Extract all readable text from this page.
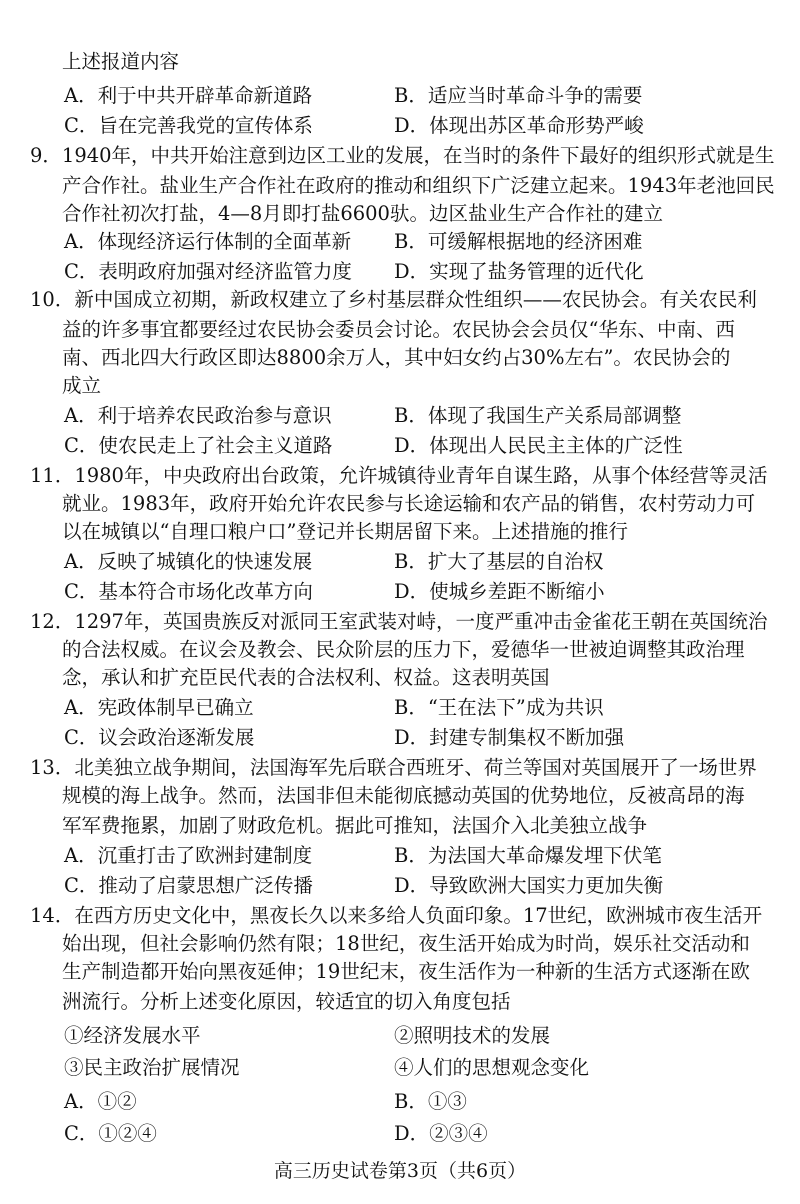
上述报道内容
A．利于中共开辟革命新道路	B．适应当时革命斗争的需要
C．旨在完善我党的宣传体系	D．体现出苏区革命形势严峻
9．1940年，中共开始注意到边区工业的发展，在当时的条件下最好的组织形式就是生
产合作社。盐业生产合作社在政府的推动和组织下广泛建立起来。1943年老池回民
合作社初次打盐，4—8月即打盐6600驮。边区盐业生产合作社的建立
A．体现经济运行体制的全面革新 B．可缓解根据地的经济困难
C．表明政府加强对经济监管力度 D．实现了盐务管理的近代化
10．新中国成立初期，新政权建立了乡村基层群众性组织——农民协会。有关农民利
益的许多事宜都要经过农民协会委员会讨论。农民协会会员仅“华东、中南、西
南、西北四大行政区即达8800余万人，其中妇女约占30%左右”。农民协会的
成立
A．利于培养农民政治参与意识	B．体现了我国生产关系局部调整
C．使农民走上了社会主义道路	D．体现出人民民主主体的广泛性
11．1980年，中央政府出台政策，允许城镇待业青年自谋生路，从事个体经营等灵活
就业。1983年，政府开始允许农民参与长途运输和农产品的销售，农村劳动力可
以在城镇以“自理口粮户口”登记并长期居留下来。上述措施的推行
A．反映了城镇化的快速发展	B．扩大了基层的自治权
C．基本符合市场化改革方向	D．使城乡差距不断缩小
12．1297年，英国贵族反对派同王室武装对峙，一度严重冲击金雀花王朝在英国统治
的合法权威。在议会及教会、民众阶层的压力下，爱德华一世被迫调整其政治理
念，承认和扩充臣民代表的合法权利、权益。这表明英国
A．宪政体制早已确立	B．“王在法下”成为共识
C．议会政治逐渐发展	D．封建专制集权不断加强
13．北美独立战争期间，法国海军先后联合西班牙、荷兰等国对英国展开了一场世界
规模的海上战争。然而，法国非但未能彻底撼动英国的优势地位，反被高昂的海
军军费拖累，加剧了财政危机。据此可推知，法国介入北美独立战争
A．沉重打击了欧洲封建制度	B．为法国大革命爆发埋下伏笔
C．推动了启蒙思想广泛传播	D．导致欧洲大国实力更加失衡
14．在西方历史文化中，黑夜长久以来多给人负面印象。17世纪，欧洲城市夜生活开
始出现，但社会影响仍然有限；18世纪，夜生活开始成为时尚，娱乐社交活动和
生产制造都开始向黑夜延伸；19世纪末，夜生活作为一种新的生活方式逐渐在欧
洲流行。分析上述变化原因，较适宜的切入角度包括
①经济发展水平	②照明技术的发展
③民主政治扩展情况	④人们的思想观念变化
A．①②	B．①③
C．①②④	D．②③④
高三历史试卷第3页（共6页）
